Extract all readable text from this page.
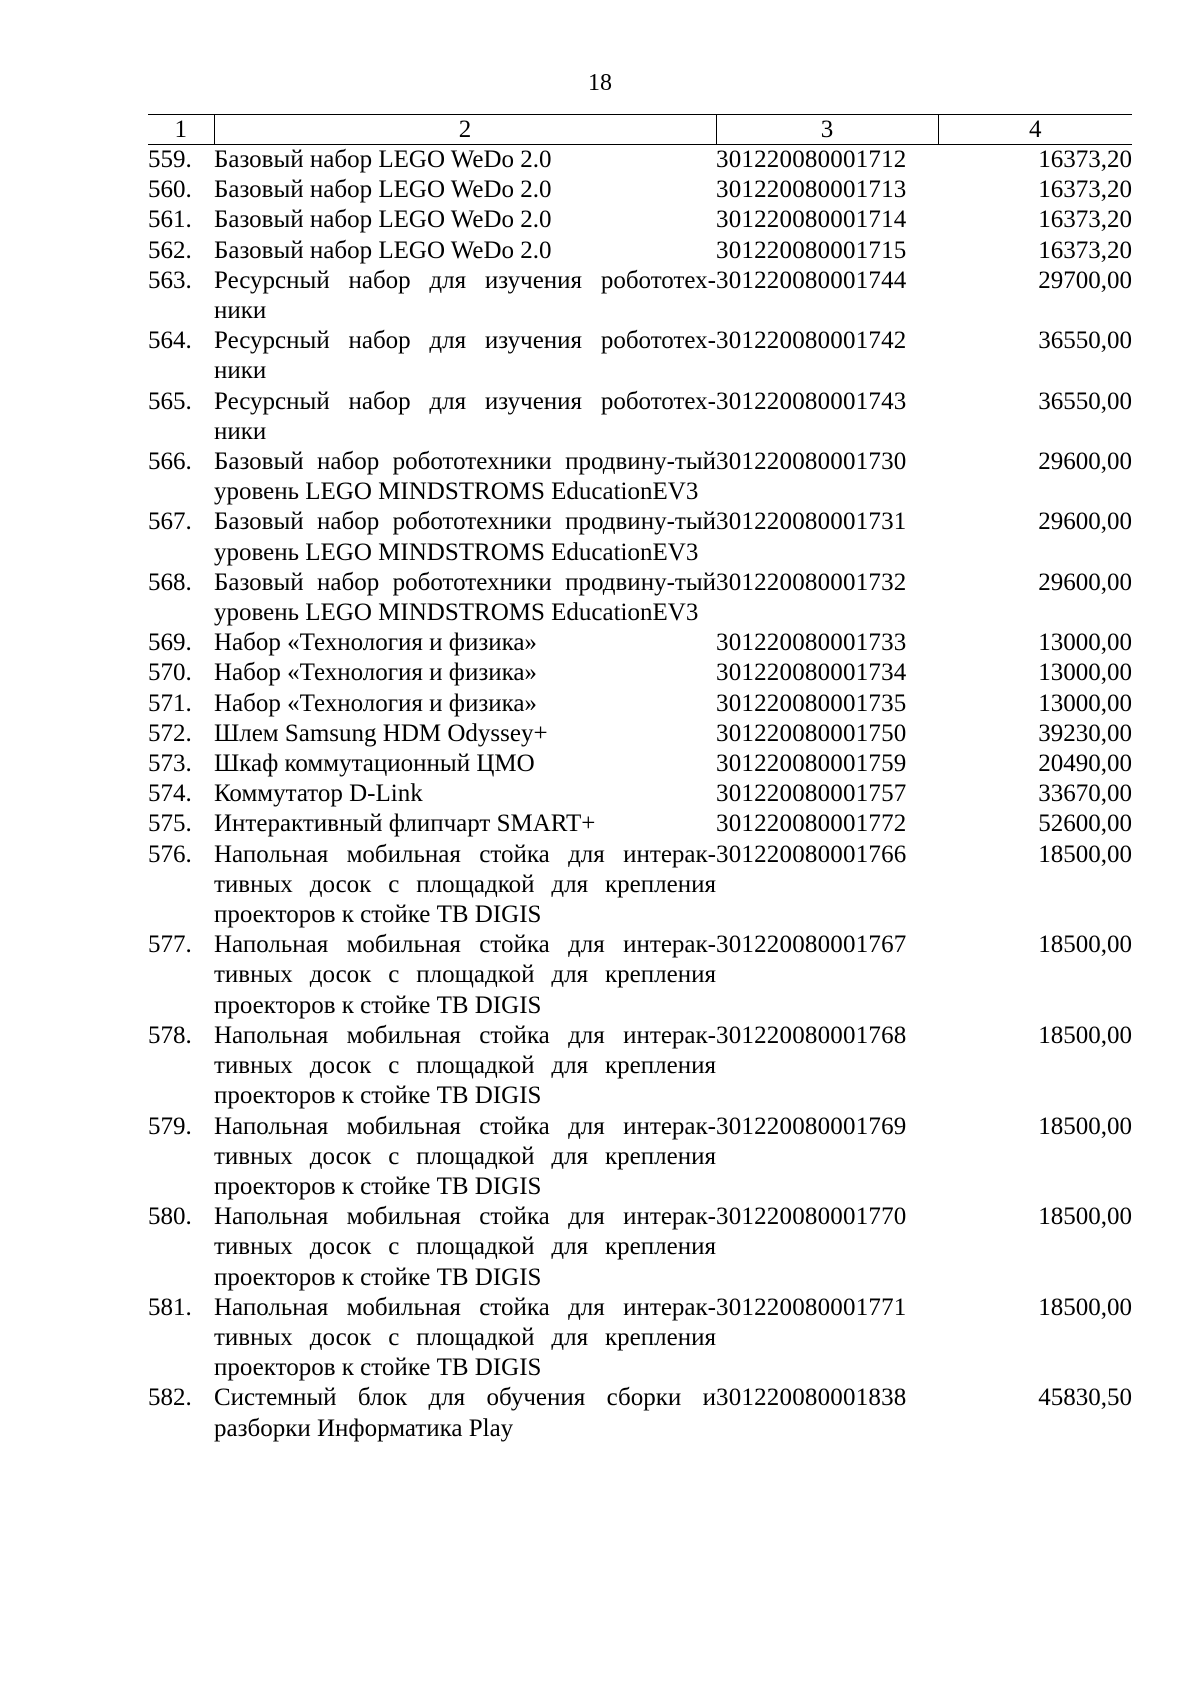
18
1	2	3	4
559.	Базовый набор LEGO WeDo 2.0	301220080001712	16373,20
560.	Базовый набор LEGO WeDo 2.0	301220080001713	16373,20
561.	Базовый набор LEGO WeDo 2.0	301220080001714	16373,20
562.	Базовый набор LEGO WeDo 2.0	301220080001715	16373,20
563.	Ресурсный набор для изучения робототех-ники	301220080001744	29700,00
564.	Ресурсный набор для изучения робототех-ники	301220080001742	36550,00
565.	Ресурсный набор для изучения робототех-ники	301220080001743	36550,00
566.	Базовый набор робототехники продвину-тый уровень LEGO MINDSTROMS EducationEV3	301220080001730	29600,00
567.	Базовый набор робототехники продвину-тый уровень LEGO MINDSTROMS EducationEV3	301220080001731	29600,00
568.	Базовый набор робототехники продвину-тый уровень LEGO MINDSTROMS EducationEV3	301220080001732	29600,00
569.	Набор «Технология и физика»	301220080001733	13000,00
570.	Набор «Технология и физика»	301220080001734	13000,00
571.	Набор «Технология и физика»	301220080001735	13000,00
572.	Шлем Samsung HDM Odyssey+	301220080001750	39230,00
573.	Шкаф коммутационный ЦМО	301220080001759	20490,00
574.	Коммутатор D-Link	301220080001757	33670,00
575.	Интерактивный флипчарт SMART+	301220080001772	52600,00
576.	Напольная мобильная стойка для интерак-тивных досок с площадкой для крепления проекторов к стойке TB DIGIS	301220080001766	18500,00
577.	Напольная мобильная стойка для интерак-тивных досок с площадкой для крепления проекторов к стойке TB DIGIS	301220080001767	18500,00
578.	Напольная мобильная стойка для интерак-тивных досок с площадкой для крепления проекторов к стойке TB DIGIS	301220080001768	18500,00
579.	Напольная мобильная стойка для интерак-тивных досок с площадкой для крепления проекторов к стойке TB DIGIS	301220080001769	18500,00
580.	Напольная мобильная стойка для интерак-тивных досок с площадкой для крепления проекторов к стойке TB DIGIS	301220080001770	18500,00
581.	Напольная мобильная стойка для интерак-тивных досок с площадкой для крепления проекторов к стойке TB DIGIS	301220080001771	18500,00
582.	Системный блок для обучения сборки и разборки Информатика Play	301220080001838	45830,50
